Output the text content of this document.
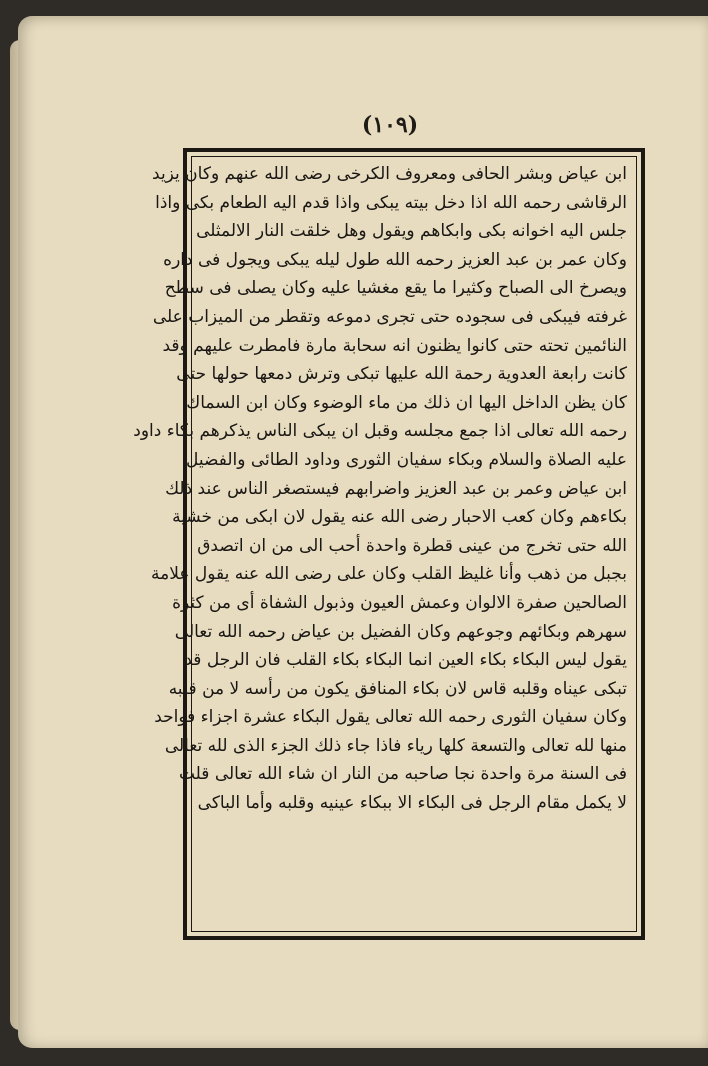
(١٠٩)
ابن عياض وبشر الحافى ومعروف الكرخى رضى الله عنهم وكان يزيد
الرقاشى رحمه الله اذا دخل بيته يبكى واذا قدم اليه الطعام بكى واذا
جلس اليه اخوانه بكى وابكاهم ويقول وهل خلقت النار الالمثلى
وكان عمر بن عبد العزيز رحمه الله طول ليله يبكى ويجول فى داره
ويصرخ الى الصباح وكثيرا ما يقع مغشيا عليه وكان يصلى فى سطح
غرفته فيبكى فى سجوده حتى تجرى دموعه وتقطر من الميزاب على
النائمين تحته حتى كانوا يظنون انه سحابة مارة فامطرت عليهم وقد
كانت رابعة العدوية رحمة الله عليها تبكى وترش دمعها حولها حتى
كان يظن الداخل اليها ان ذلك من ماء الوضوء وكان ابن السماك
رحمه الله تعالى اذا جمع مجلسه وقبل ان يبكى الناس يذكرهم بكاء داود
عليه الصلاة والسلام وبكاء سفيان الثورى وداود الطائى والفضيل
ابن عياض وعمر بن عبد العزيز واضرابهم فيستصغر الناس عند ذلك
بكاءهم وكان كعب الاحبار رضى الله عنه يقول لان ابكى من خشية
الله حتى تخرج من عينى قطرة واحدة أحب الى من ان اتصدق
بجبل من ذهب وأنا غليظ القلب وكان على رضى الله عنه يقول علامة
الصالحين صفرة الالوان وعمش العيون وذبول الشفاة أى من كثرة
سهرهم وبكائهم وجوعهم وكان الفضيل بن عياض رحمه الله تعالى
يقول ليس البكاء بكاء العين انما البكاء بكاء القلب فان الرجل قد
تبكى عيناه وقلبه قاس لان بكاء المنافق يكون من رأسه لا من قلبه
وكان سفيان الثورى رحمه الله تعالى يقول البكاء عشرة اجزاء فواحد
منها لله تعالى والتسعة كلها رياء فاذا جاء ذلك الجزء الذى لله تعالى
فى السنة مرة واحدة نجا صاحبه من النار ان شاء الله تعالى قلت
لا يكمل مقام الرجل فى البكاء الا ببكاء عينيه وقلبه وأما الباكى
